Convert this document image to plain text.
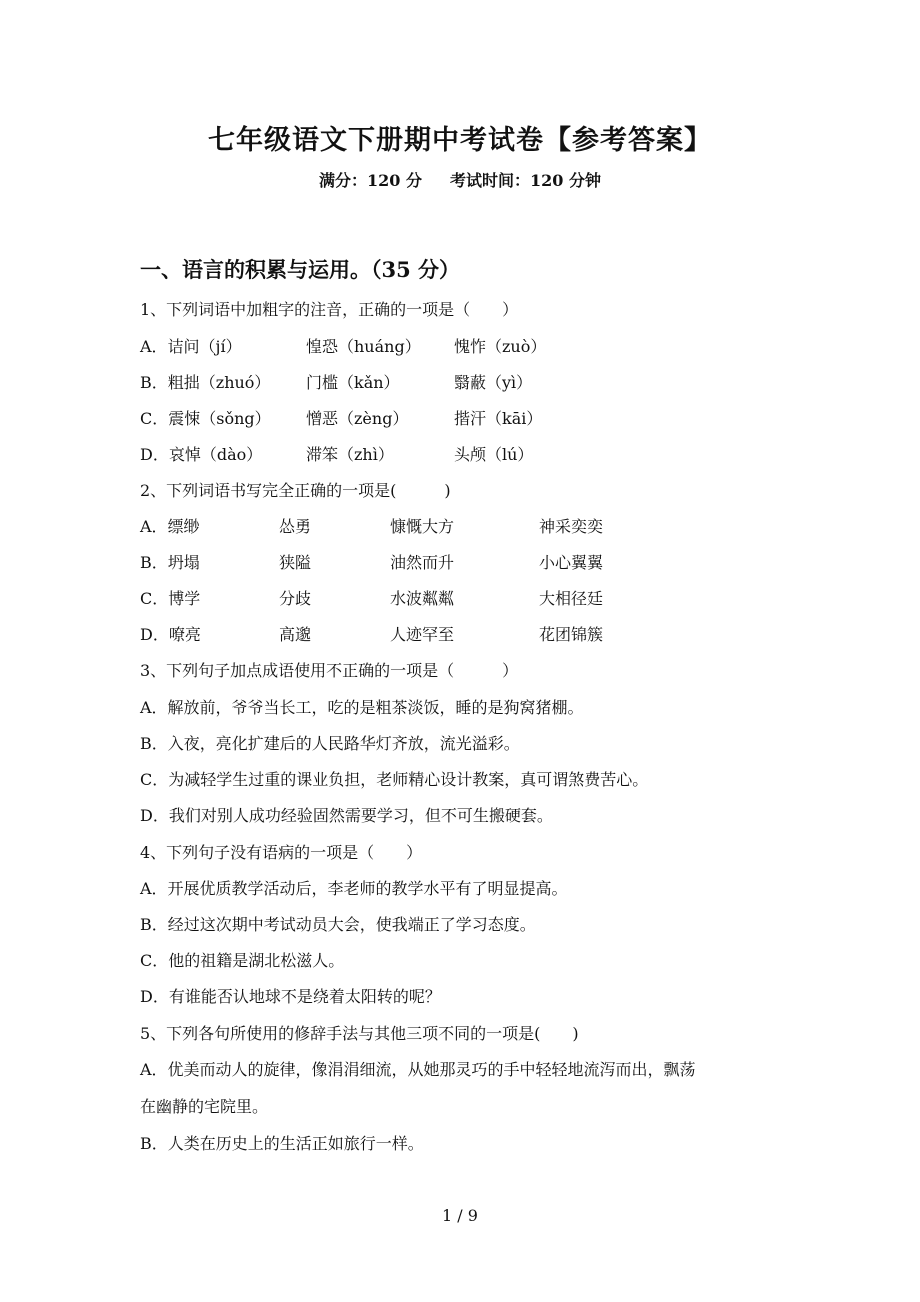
七年级语文下册期中考试卷【参考答案】
满分：120 分 考试时间：120 分钟
一、语言的积累与运用。（35 分）
1、下列词语中加粗字的注音，正确的一项是（　　）
A．诘问（jí）	惶恐（huáng） 愧怍（zuò）
B．粗拙（zhuó） 门槛（kǎn）	翳蔽（yì）
C．震悚（sǒng） 憎恶（zèng）	揩汗（kāi）
D．哀悼（dào）	滞笨（zhì）	头颅（lú）
2、下列词语书写完全正确的一项是(　　　)
A．缥缈	怂勇	慷慨大方	神采奕奕
B．坍塌	狭隘	油然而升	小心翼翼
C．博学	分歧	水波粼粼	大相径廷
D．嘹亮	高邈	人迹罕至	花团锦簇
3、下列句子加点成语使用不正确的一项是（　　　）
A．解放前，爷爷当长工，吃的是粗茶淡饭，睡的是狗窝猪棚。
B．入夜，亮化扩建后的人民路华灯齐放，流光溢彩。
C．为减轻学生过重的课业负担，老师精心设计教案，真可谓煞费苦心。
D．我们对别人成功经验固然需要学习，但不可生搬硬套。
4、下列句子没有语病的一项是（　　）
A．开展优质教学活动后，李老师的教学水平有了明显提高。
B．经过这次期中考试动员大会，使我端正了学习态度。
C．他的祖籍是湖北松滋人。
D．有谁能否认地球不是绕着太阳转的呢？
5、下列各句所使用的修辞手法与其他三项不同的一项是(　　)
A．优美而动人的旋律，像涓涓细流，从她那灵巧的手中轻轻地流泻而出，飘荡
在幽静的宅院里。
B．人类在历史上的生活正如旅行一样。
1 / 9
